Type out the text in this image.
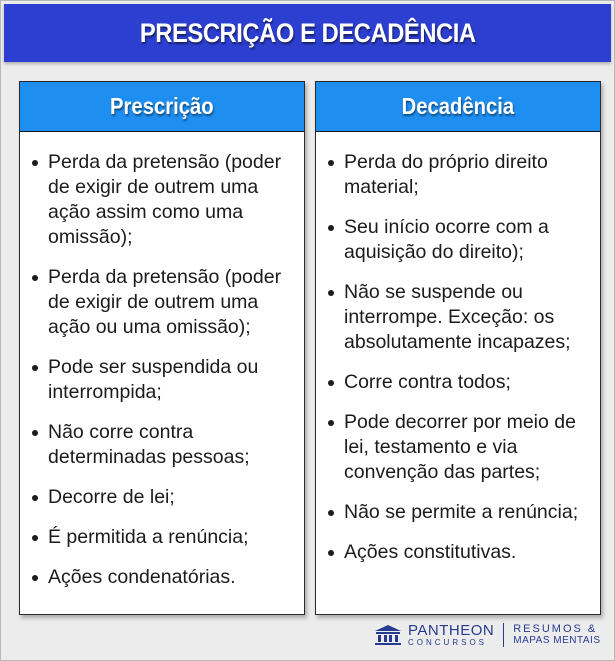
PRESCRIÇÃO E DECADÊNCIA
Prescrição
Perda da pretensão (poder de exigir de outrem uma ação assim como uma omissão);
Perda da pretensão (poder de exigir de outrem uma ação ou uma omissão);
Pode ser suspendida ou interrompida;
Não corre contra determinadas pessoas;
Decorre de lei;
É permitida a renúncia;
Ações condenatórias.
Decadência
Perda do próprio direito material;
Seu início ocorre com a aquisição do direito);
Não se suspende ou interrompe. Exceção: os absolutamente incapazes;
Corre contra todos;
Pode decorrer por meio de lei, testamento e via convenção das partes;
Não se permite a renúncia;
Ações constitutivas.
PANTHEON
CONCURSOS
RESUMOS &
MAPAS MENTAIS
